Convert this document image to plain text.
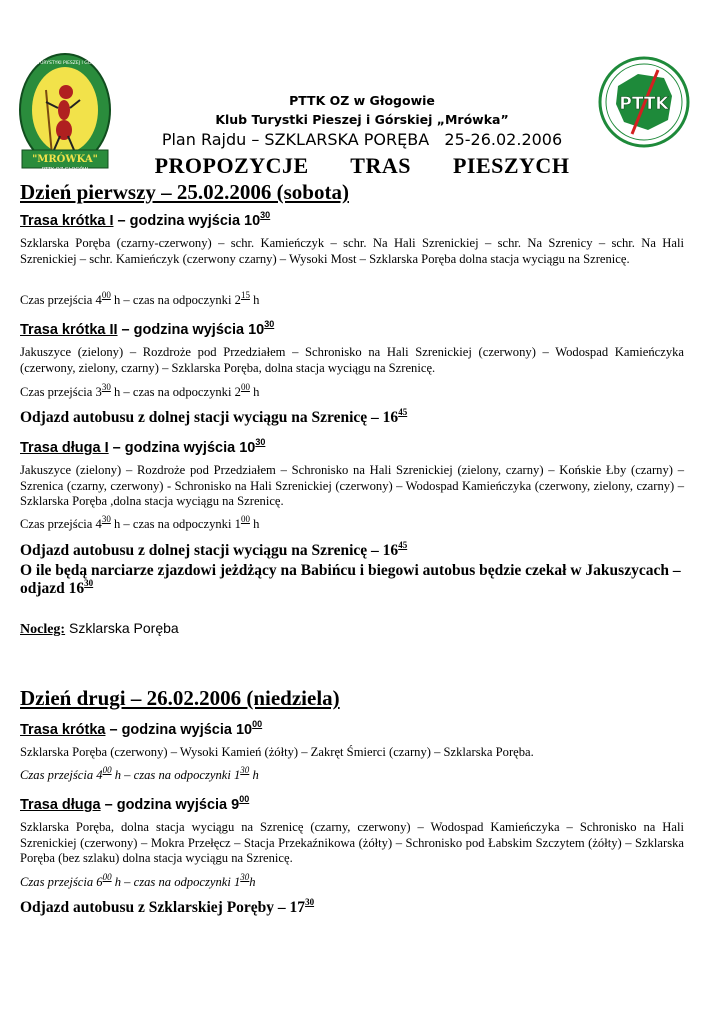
"MRÓWKA"
PTTK OZ GŁOGÓW
KLUB TURYSTYKI PIESZEJ I GÓRSKIEJ
PTTK
PTTK OZ w Głogowie
Klub Turystki Pieszej i Górskiej „Mrówka”
Plan Rajdu – SZKLARSKA PORĘBA   25-26.02.2006
PROPOZYCJE   TRAS   PIESZYCH
Dzień pierwszy – 25.02.2006 (sobota)
Trasa krótka I – godzina wyjścia $10^{30}$
Szklarska Poręba (czarny-czerwony) – schr. Kamieńczyk – schr. Na Hali Szrenickiej – schr. Na Szrenicy – schr. Na Hali Szrenickiej – schr. Kamieńczyk (czerwony czarny) – Wysoki Most – Szklarska Poręba dolna stacja wyciągu na Szrenicę.
Czas przejścia $4^{00}$ h – czas na odpoczynki $2^{15}$ h
Trasa krótka II – godzina wyjścia $10^{30}$
Jakuszyce (zielony) – Rozdroże pod Przedziałem – Schronisko na Hali Szrenickiej (czerwony) – Wodospad Kamieńczyka (czerwony, zielony, czarny) – Szklarska Poręba, dolna stacja wyciągu na Szrenicę.
Czas przejścia $3^{30}$ h – czas na odpoczynki $2^{00}$ h
Odjazd autobusu z dolnej stacji wyciągu na Szrenicę – $16^{45}$
Trasa długa I – godzina wyjścia $10^{30}$
Jakuszyce (zielony) – Rozdroże pod Przedziałem – Schronisko na Hali Szrenickiej (zielony, czarny) – Końskie Łby (czarny) – Szrenica (czarny, czerwony) - Schronisko na Hali Szrenickiej (czerwony) – Wodospad Kamieńczyka (czerwony, zielony, czarny) – Szklarska Poręba ,dolna stacja wyciągu na Szrenicę.
Czas przejścia $4^{30}$ h – czas na odpoczynki $1^{00}$ h
Odjazd autobusu z dolnej stacji wyciągu na Szrenicę – $16^{45}$
O ile będą narciarze zjazdowi jeżdżący na Babińcu i biegowi autobus będzie czekał w Jakuszycach – odjazd $16^{30}$
Nocleg: Szklarska Poręba
Dzień drugi – 26.02.2006 (niedziela)
Trasa krótka – godzina wyjścia $10^{00}$
Szklarska Poręba (czerwony) – Wysoki Kamień (żółty) – Zakręt Śmierci (czarny) – Szklarska Poręba.
Czas przejścia $4^{00}$ h – czas na odpoczynki $1^{30}$ h
Trasa długa – godzina wyjścia $9^{00}$
Szklarska Poręba, dolna stacja wyciągu na Szrenicę (czarny, czerwony) – Wodospad Kamieńczyka – Schronisko na Hali Szrenickiej (czerwony) – Mokra Przełęcz – Stacja Przekaźnikowa (żółty) – Schronisko pod Łabskim Szczytem (żółty) – Szklarska Poręba (bez szlaku) dolna stacja wyciągu na Szrenicę.
Czas przejścia $6^{00}$ h – czas na odpoczynki $1^{30}h$
Odjazd autobusu z Szklarskiej Poręby – $17^{30}$
